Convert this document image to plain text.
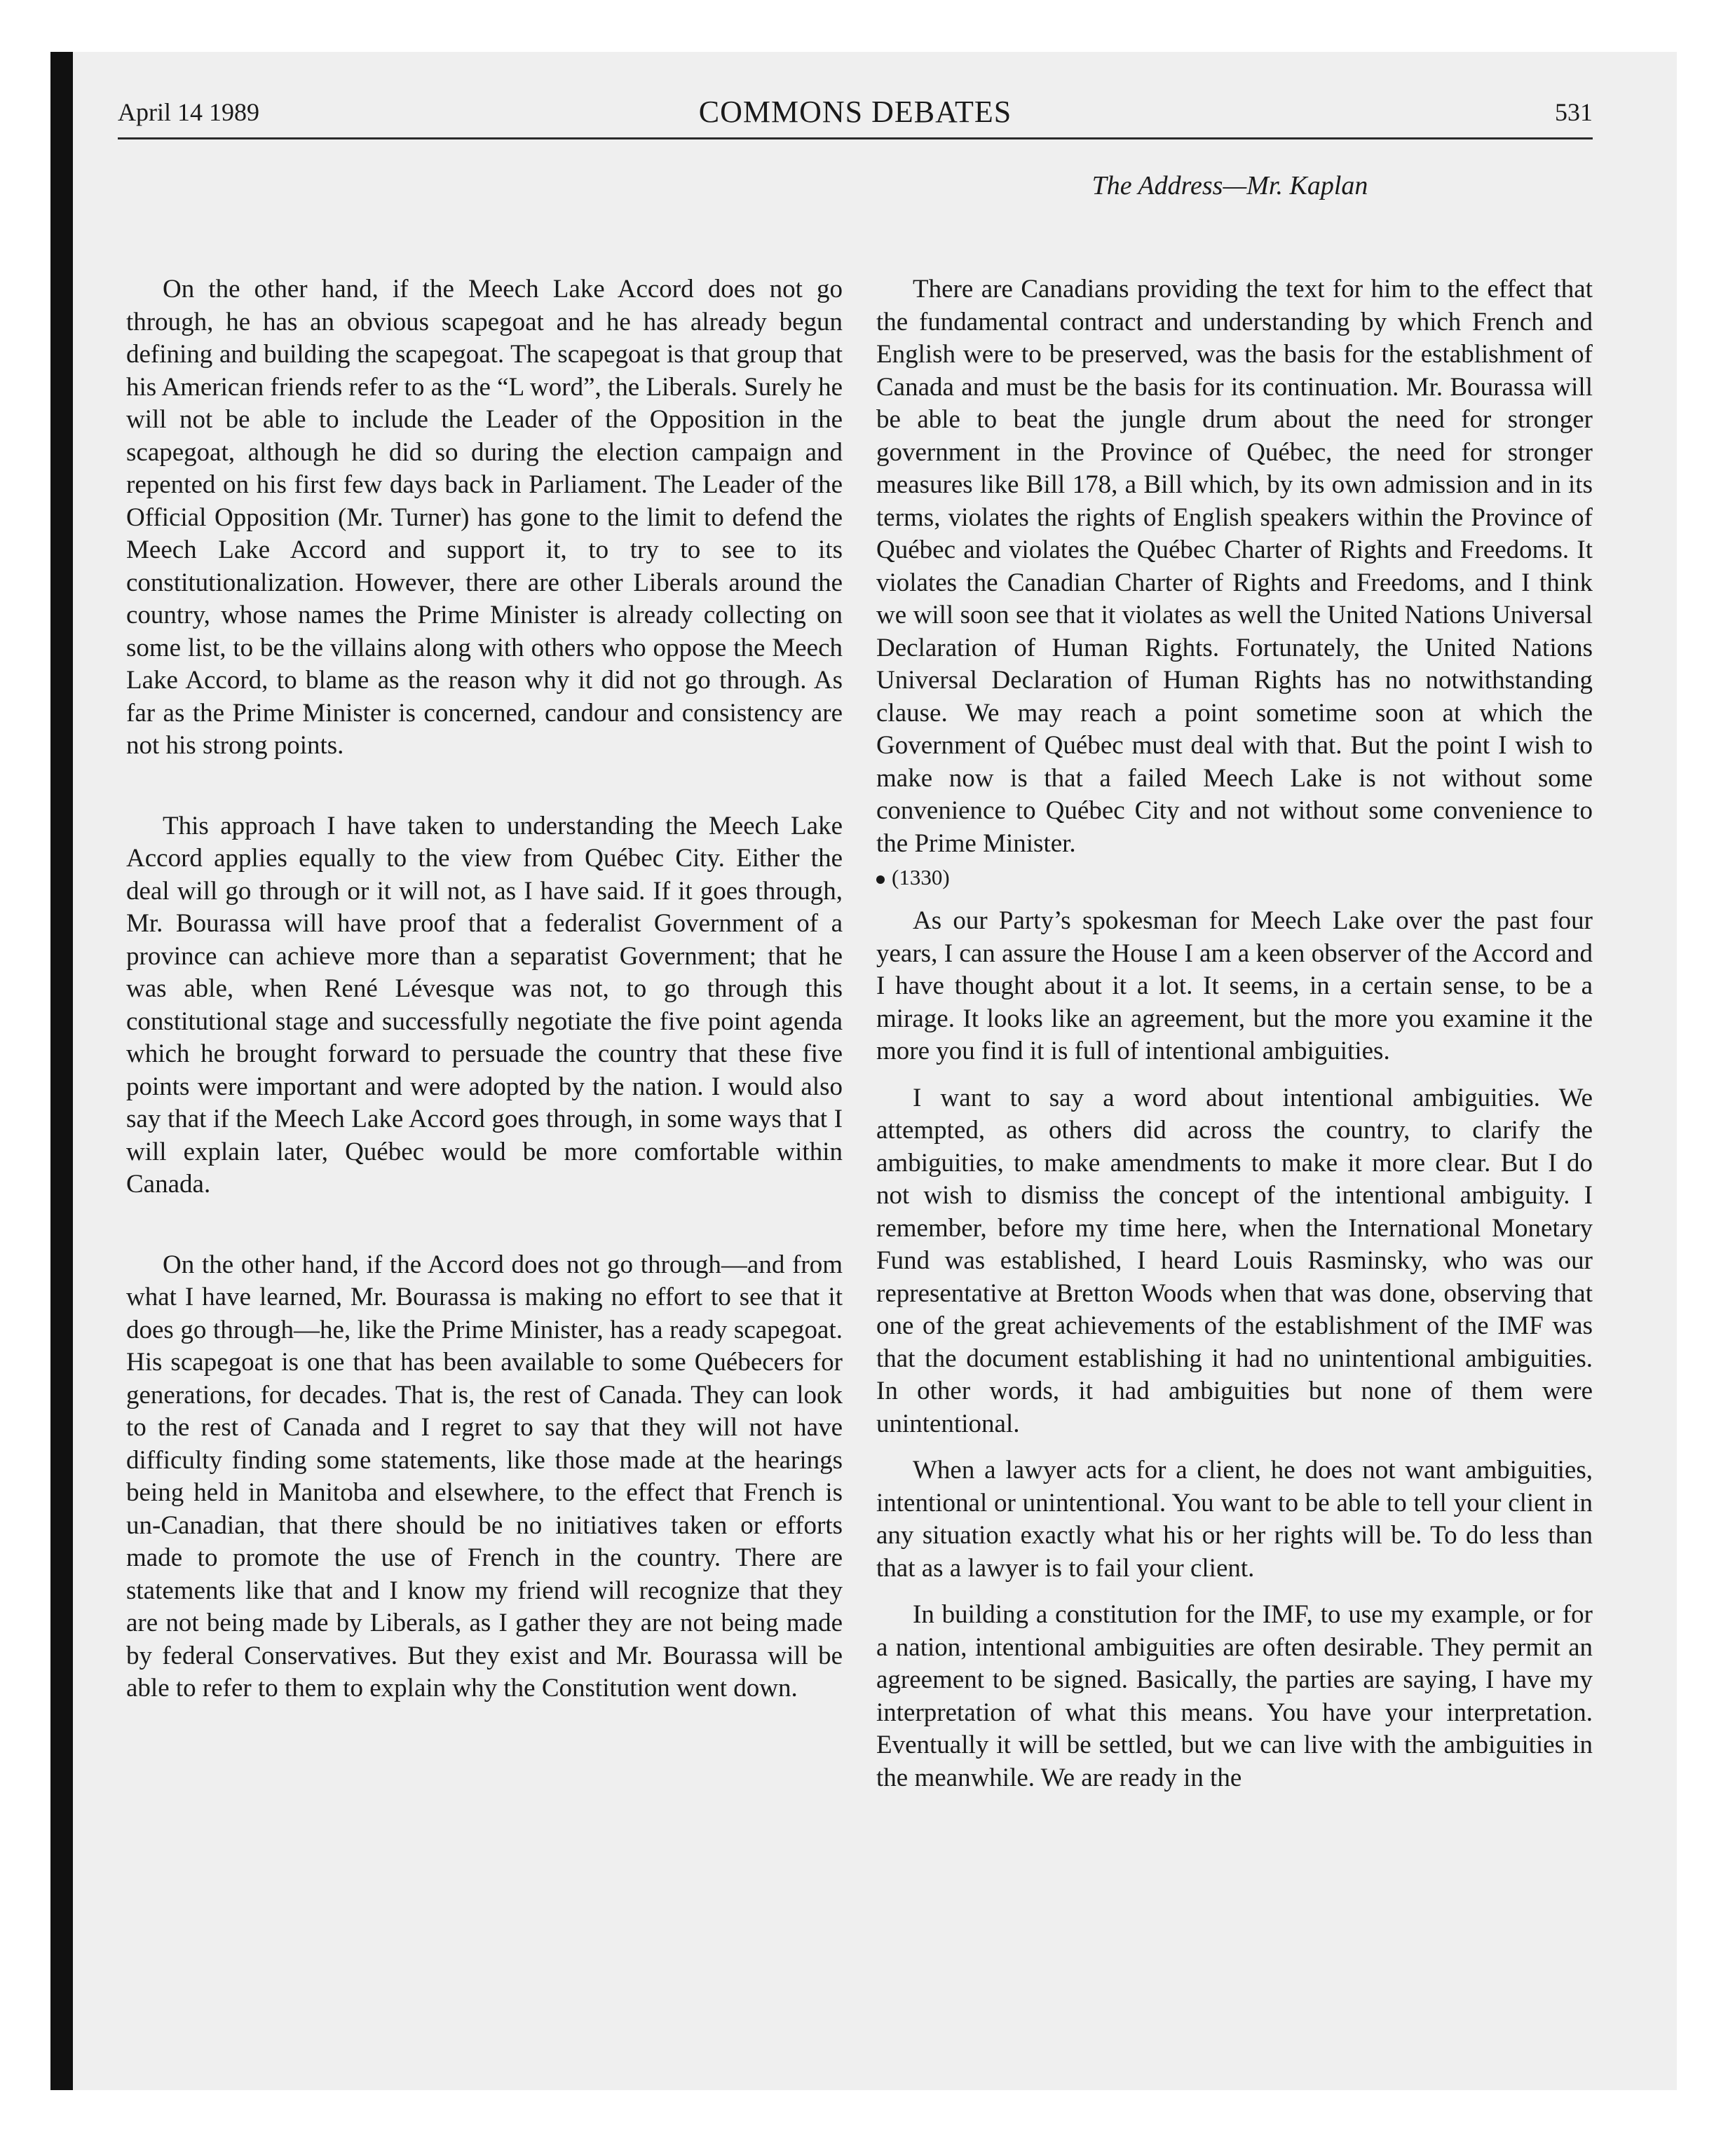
April 14 1989	COMMONS DEBATES	531
The Address—Mr. Kaplan

On the other hand, if the Meech Lake Accord does not go through, he has an obvious scapegoat and he has already begun defining and building the scapegoat. The scapegoat is that group that his American friends refer to as the “L word”, the Liberals. Surely he will not be able to include the Leader of the Opposition in the scapegoat, although he did so during the election campaign and repented on his first few days back in Parliament. The Leader of the Official Opposition (Mr. Turner) has gone to the limit to defend the Meech Lake Accord and support it, to try to see to its constitutionalization. However, there are other Liberals around the country, whose names the Prime Minister is already collecting on some list, to be the villains along with others who oppose the Meech Lake Accord, to blame as the reason why it did not go through. As far as the Prime Minister is concerned, candour and consistency are not his strong points.

This approach I have taken to understanding the Meech Lake Accord applies equally to the view from Québec City. Either the deal will go through or it will not, as I have said. If it goes through, Mr. Bourassa will have proof that a federalist Government of a province can achieve more than a separatist Government; that he was able, when René Lévesque was not, to go through this constitutional stage and successfully negotiate the five point agenda which he brought forward to persuade the country that these five points were important and were adopted by the nation. I would also say that if the Meech Lake Accord goes through, in some ways that I will explain later, Québec would be more comfortable within Canada.

On the other hand, if the Accord does not go through—and from what I have learned, Mr. Bourassa is making no effort to see that it does go through—he, like the Prime Minister, has a ready scapegoat. His scapegoat is one that has been available to some Québecers for generations, for decades. That is, the rest of Canada. They can look to the rest of Canada and I regret to say that they will not have difficulty finding some statements, like those made at the hearings being held in Manitoba and elsewhere, to the effect that French is un-Canadian, that there should be no initiatives taken or efforts made to promote the use of French in the country. There are statements like that and I know my friend will recognize that they are not being made by Liberals, as I gather they are not being made by federal Conservatives. But they exist and Mr. Bourassa will be able to refer to them to explain why the Constitution went down.

There are Canadians providing the text for him to the effect that the fundamental contract and understanding by which French and English were to be preserved, was the basis for the establishment of Canada and must be the basis for its continuation. Mr. Bourassa will be able to beat the jungle drum about the need for stronger government in the Province of Québec, the need for stronger measures like Bill 178, a Bill which, by its own admission and in its terms, violates the rights of English speakers within the Province of Québec and violates the Québec Charter of Rights and Freedoms. It violates the Canadian Charter of Rights and Freedoms, and I think we will soon see that it violates as well the United Nations Universal Declaration of Human Rights. Fortunately, the United Nations Universal Declaration of Human Rights has no notwithstanding clause. We may reach a point sometime soon at which the Government of Québec must deal with that. But the point I wish to make now is that a failed Meech Lake is not without some convenience to Québec City and not without some convenience to the Prime Minister.

(1330)

As our Party’s spokesman for Meech Lake over the past four years, I can assure the House I am a keen observer of the Accord and I have thought about it a lot. It seems, in a certain sense, to be a mirage. It looks like an agreement, but the more you examine it the more you find it is full of intentional ambiguities.

I want to say a word about intentional ambiguities. We attempted, as others did across the country, to clarify the ambiguities, to make amendments to make it more clear. But I do not wish to dismiss the concept of the intentional ambiguity. I remember, before my time here, when the International Monetary Fund was established, I heard Louis Rasminsky, who was our representative at Bretton Woods when that was done, observing that one of the great achievements of the establishment of the IMF was that the document establishing it had no unintentional ambiguities. In other words, it had ambiguities but none of them were unintentional.

When a lawyer acts for a client, he does not want ambiguities, intentional or unintentional. You want to be able to tell your client in any situation exactly what his or her rights will be. To do less than that as a lawyer is to fail your client.

In building a constitution for the IMF, to use my example, or for a nation, intentional ambiguities are often desirable. They permit an agreement to be signed. Basically, the parties are saying, I have my interpretation of what this means. You have your interpretation. Eventually it will be settled, but we can live with the ambiguities in the meanwhile. We are ready in the
